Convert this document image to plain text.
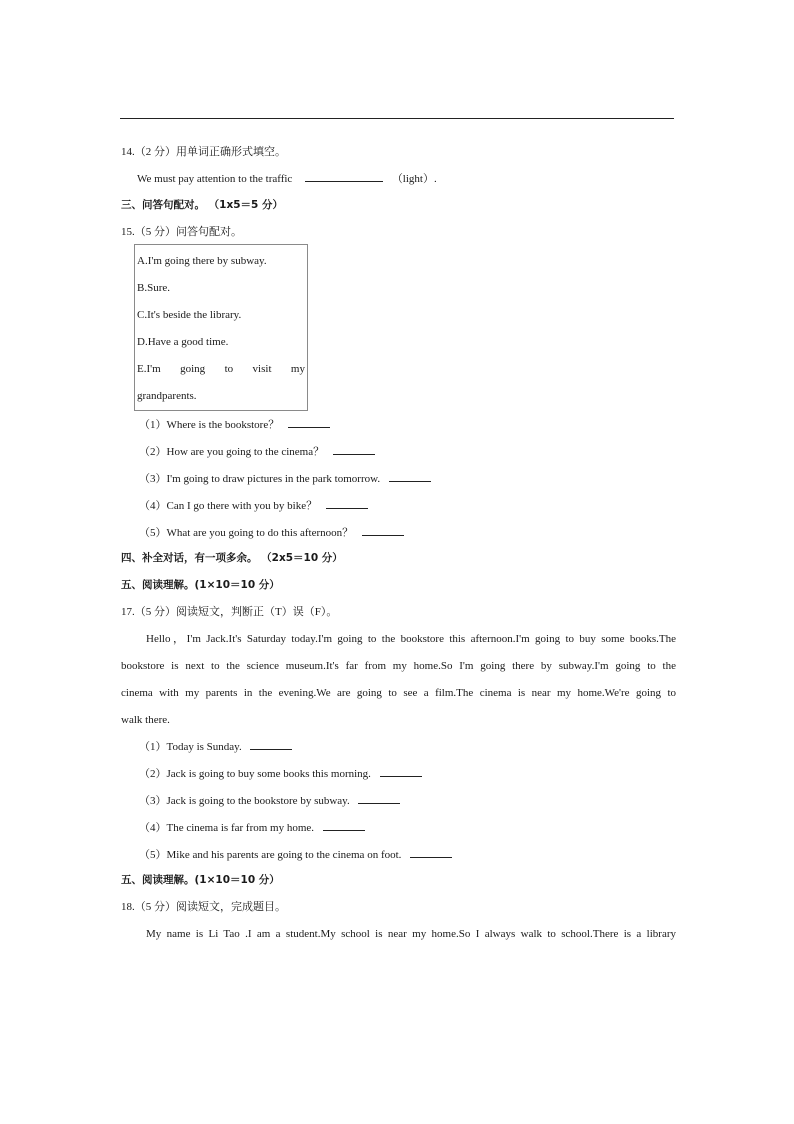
14.（2 分）用单词正确形式填空。
We must pay attention to the traffic	（light）.
三、问答句配对。 （1x5＝5 分）
15.（5 分）问答句配对。
A.I'm going there by subway.
B.Sure.
C.It's beside the library.
D.Have a good time.
E.I'm going to visit my
grandparents.
（1）Where is the bookstore？
（2）How are you going to the cinema？
（3）I'm going to draw pictures in the park tomorrow.
（4）Can I go there with you by bike？
（5）What are you going to do this afternoon？
四、补全对话，有一项多余。 （2x5＝10 分）
五、阅读理解。(1×10＝10 分）
17.（5 分）阅读短文，判断正（T）误（F）。
Hello，I'm Jack.It's Saturday today.I'm going to the bookstore this afternoon.I'm going to buy some books.The
bookstore is next to the science museum.It's far from my home.So I'm going there by subway.I'm going to the
cinema with my parents in the evening.We are going to see a film.The cinema is near my home.We're going to
walk there.
（1）Today is Sunday.
（2）Jack is going to buy some books this morning.
（3）Jack is going to the bookstore by subway.
（4）The cinema is far from my home.
（5）Mike and his parents are going to the cinema on foot.
五、阅读理解。(1×10＝10 分）
18.（5 分）阅读短文，完成题目。
My name is Li Tao .I am a student.My school is near my home.So I always walk to school.There is a library
